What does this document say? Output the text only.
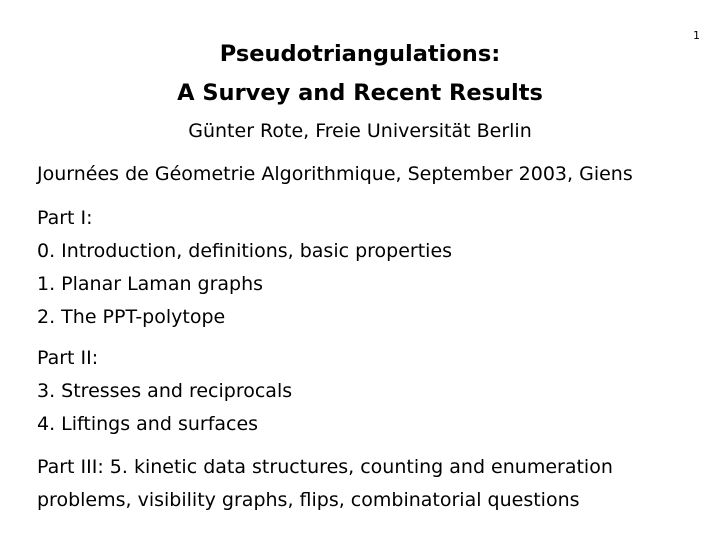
1
Pseudotriangulations:
A Survey and Recent Results
Günter Rote, Freie Universität Berlin
Journées de Géometrie Algorithmique, September 2003, Giens
Part I:
0. Introduction, definitions, basic properties
1. Planar Laman graphs
2. The PPT-polytope
Part II:
3. Stresses and reciprocals
4. Liftings and surfaces
Part III: 5. kinetic data structures, counting and enumeration
problems, visibility graphs, flips, combinatorial questions
